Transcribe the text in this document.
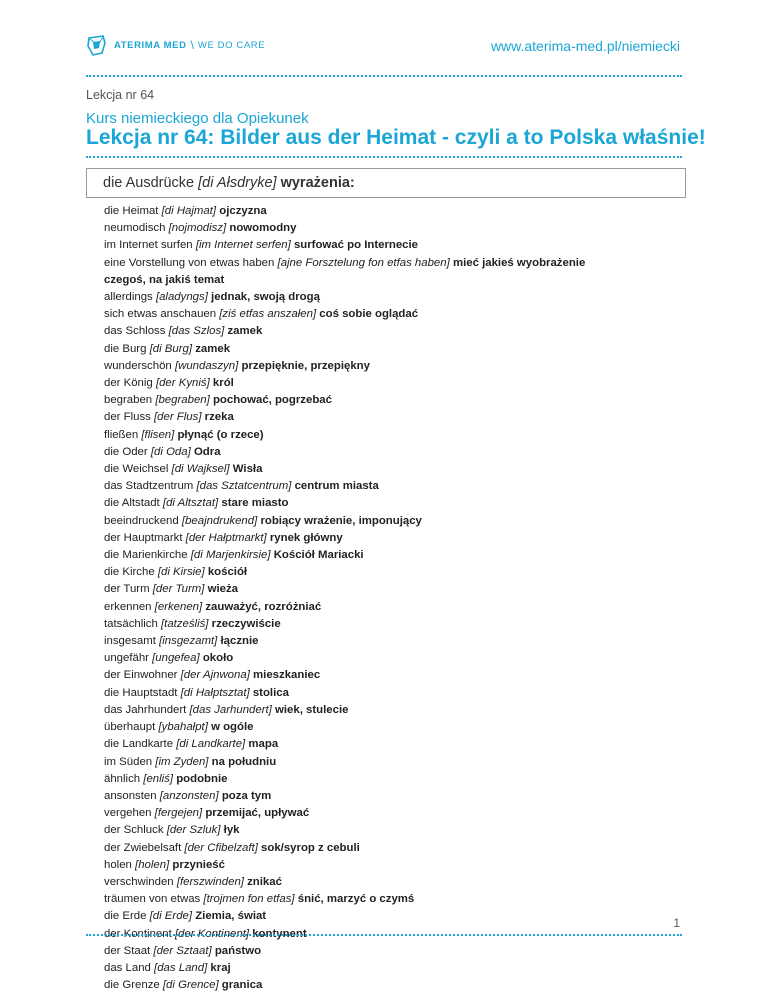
ATERIMA MED \ WE DO CARE	www.aterima-med.pl/niemiecki
Lekcja nr 64
Kurs niemieckiego dla Opiekunek
Lekcja nr 64: Bilder aus der Heimat - czyli a to Polska właśnie!
die Ausdrücke [di Ałsdryke] wyrażenia:
die Heimat [di Hajmat] ojczyzna
neumodisch [nojmodisz] nowomodny
im Internet surfen [im Internet serfen] surfować po Internecie
eine Vorstellung von etwas haben [ajne Forsztelung fon etfas haben] mieć jakieś wyobrażenie
czegoś, na jakiś temat
allerdings [aladyngs] jednak, swoją drogą
sich etwas anschauen [ziś etfas anszałen] coś sobie oglądać
das Schloss [das Szlos] zamek
die Burg [di Burg] zamek
wunderschön [wundaszyn] przepięknie, przepiękny
der König [der Kyniś] król
begraben [begraben] pochować, pogrzebać
der Fluss [der Flus] rzeka
fließen [flisen] płynąć (o rzece)
die Oder [di Oda] Odra
die Weichsel [di Wajksel] Wisła
das Stadtzentrum [das Sztatcentrum] centrum miasta
die Altstadt [di Altsztat] stare miasto
beeindruckend [beajndrukend] robiący wrażenie, imponujący
der Hauptmarkt [der Hałptmarkt] rynek główny
die Marienkirche [di Marjenkirsie] Kościół Mariacki
die Kirche [di Kirsie] kościół
der Turm [der Turm] wieża
erkennen [erkenen] zauważyć, rozróżniać
tatsächlich [tatześliś] rzeczywiście
insgesamt [insgezamt] łącznie
ungefähr [ungefea] około
der Einwohner [der Ajnwona] mieszkaniec
die Hauptstadt [di Hałptsztat] stolica
das Jahrhundert [das Jarhundert] wiek, stulecie
überhaupt [ybahałpt] w ogóle
die Landkarte [di Landkarte] mapa
im Süden [im Zyden] na południu
ähnlich [enliś] podobnie
ansonsten [anzonsten] poza tym
vergehen [fergejen] przemijać, upływać
der Schluck [der Szluk] łyk
der Zwiebelsaft [der Cfibelzaft] sok/syrop z cebuli
holen [holen] przynieść
verschwinden [ferszwinden] znikać
träumen von etwas [trojmen fon etfas] śnić, marzyć o czymś
die Erde [di Erde] Ziemia, świat
der Kontinent [der Kontinent] kontynent
der Staat [der Sztaat] państwo
das Land [das Land] kraj
die Grenze [di Grence] granica
1
